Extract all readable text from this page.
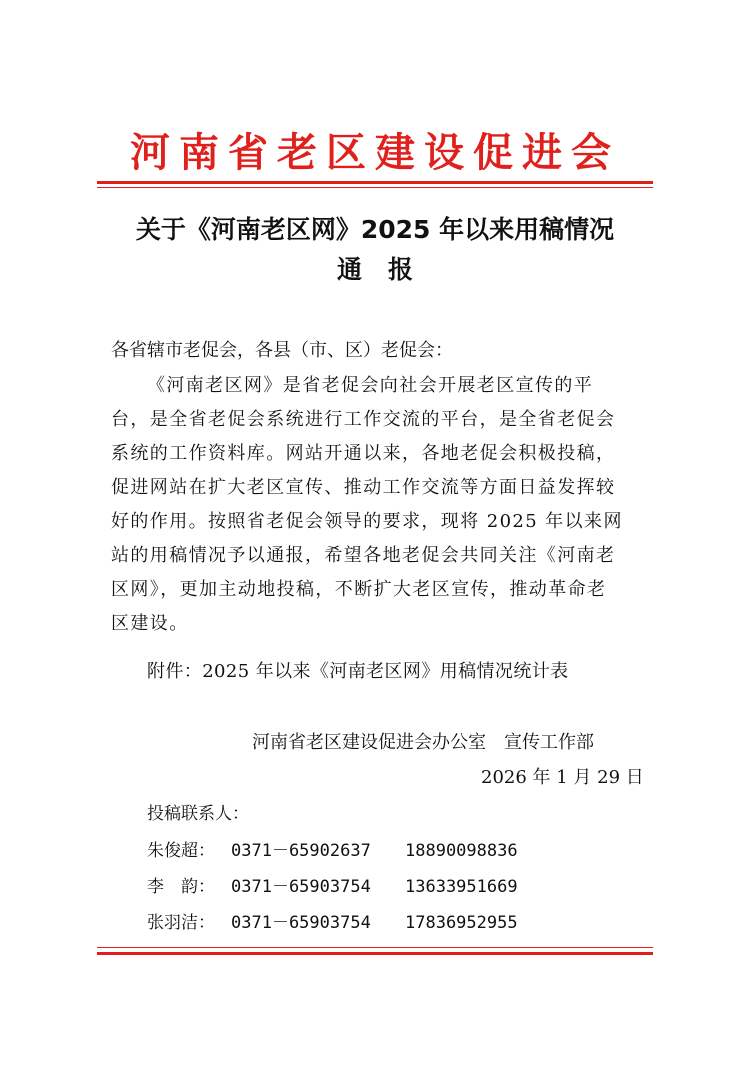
河南省老区建设促进会
关于《河南老区网》2025 年以来用稿情况
通报
各省辖市老促会，各县（市、区）老促会：
《河南老区网》是省老促会向社会开展老区宣传的平
台，是全省老促会系统进行工作交流的平台，是全省老促会
系统的工作资料库。网站开通以来，各地老促会积极投稿，
促进网站在扩大老区宣传、推动工作交流等方面日益发挥较
好的作用。按照省老促会领导的要求，现将 2025 年以来网
站的用稿情况予以通报，希望各地老促会共同关注《河南老
区网》，更加主动地投稿，不断扩大老区宣传，推动革命老
区建设。
附件：2025 年以来《河南老区网》用稿情况统计表
河南省老区建设促进会办公室　宣传工作部
2026 年 1 月 29 日
投稿联系人：
朱俊超： 0371－65902637 18890098836
李　韵： 0371－65903754 13633951669
张羽洁： 0371－65903754 17836952955
